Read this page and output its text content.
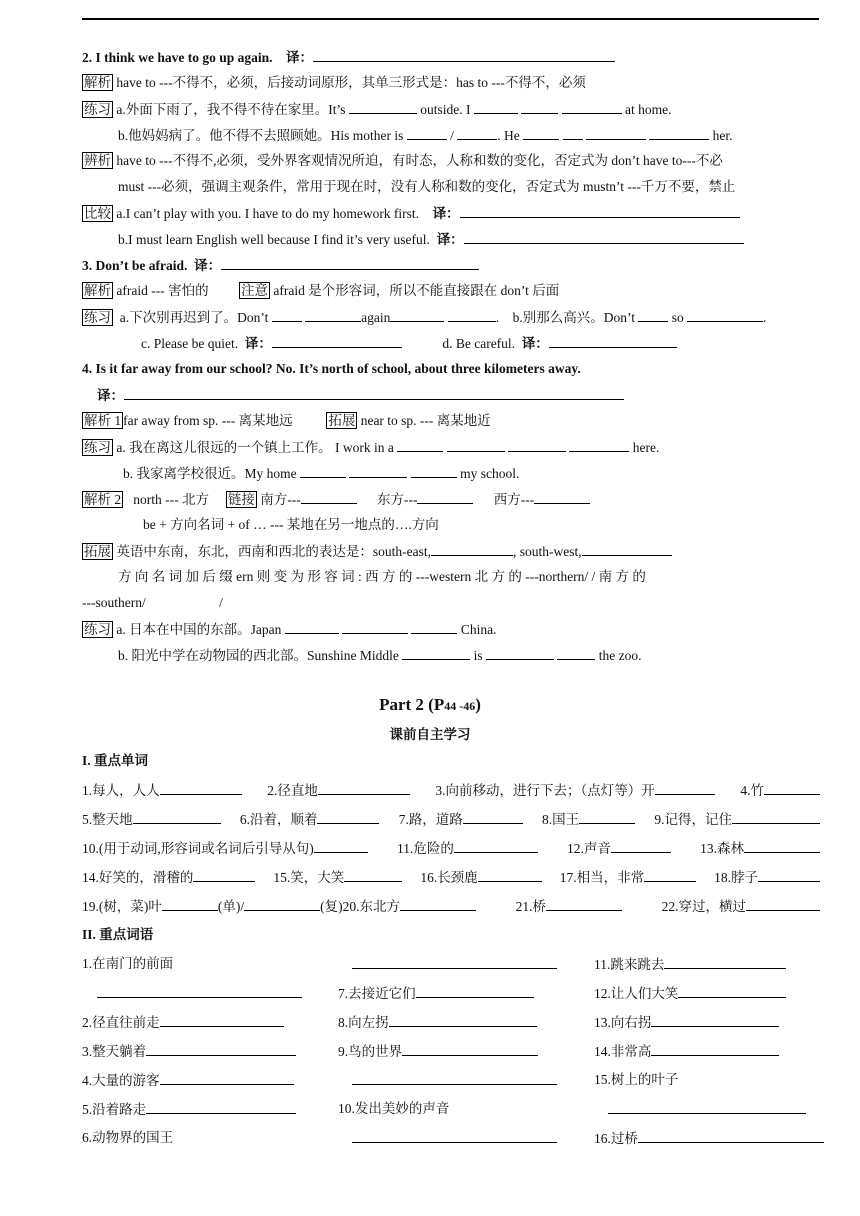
2. I think we have to go up again. 译：
解析 have to ---不得不，必须，后接动词原形，其单三形式是：has to ---不得不，必须
练习 a.外面下雨了，我不得不待在家里。It’s	outside. I	at home.
b.他妈妈病了。他不得不去照顾她。His mother is	/	. He	her.
辨析 have to ---不得不,必须，受外界客观情况所迫，有时态，人称和数的变化，否定式为 don’t have to---不必
must ---必须，强调主观条件，常用于现在时，没有人称和数的变化，否定式为 mustn’t ---千万不要，禁止
比较 a.I can’t play with you. I have to do my homework first. 译：
b.I must learn English well because I find it’s very useful. 译：
3. Don’t be afraid. 译：
解析 afraid --- 害怕的 注意 afraid 是个形容词，所以不能直接跟在 don’t 后面
练习 a.下次别再迟到了。Don’t	again	.    b.别那么高兴。Don’t	so	.
c. Please be quiet. 译：	d. Be careful. 译：
4. Is it far away from our school? No. It’s north of school, about three kilometers away.
译：
解析 1 far away from sp. --- 离某地远	拓展 near to sp. --- 离某地近
练习 a. 我在离这儿很远的一个镇上工作。 I work in a	here.
b. 我家离学校很近。My home	my school.
解析 2 north --- 北方 链接 南方---	东方---	西方---
be + 方向名词 + of … --- 某地在另一地点的….方向
拓展 英语中东南，东北，西南和西北的表达是：south-east,	, south-west,
方 向 名 词 加 后 缀 ern 则 变 为 形 容 词 : 西 方 的 ---western 北 方 的 ---northern/ / 南 方 的
---southern/	/
练习 a. 日本在中国的东部。Japan	China.
b. 阳光中学在动物园的西北部。Sunshine Middle	is	the zoo.
Part 2 (P44 -46)
课前自主学习
I. 重点单词
1.每人，人人	2.径直地	3.向前移动，进行下去；（点灯等）开	4.竹
5.整天地	6.沿着，顺着	7.路，道路	8.国王	9.记得，记住
10.(用于动词,形容词或名词后引导从句)	11.危险的	12.声音	13.森林
14.好笑的，滑稽的	15.笑，大笑	16.长颈鹿	17.相当，非常	18.脖子
19.(树，菜)叶	(单)/	(复)20.东北方	21.桥	22.穿过，横过
II. 重点词语
1.在南门的前面	11.跳来跳去
7.去接近它们	12.让人们大笑
2.径直往前走	8.向左拐	13.向右拐
3.整天躺着	9.鸟的世界	14.非常高
4.大量的游客	15.树上的叶子
5.沿着路走	10.发出美妙的声音
6.动物界的国王	16.过桥
